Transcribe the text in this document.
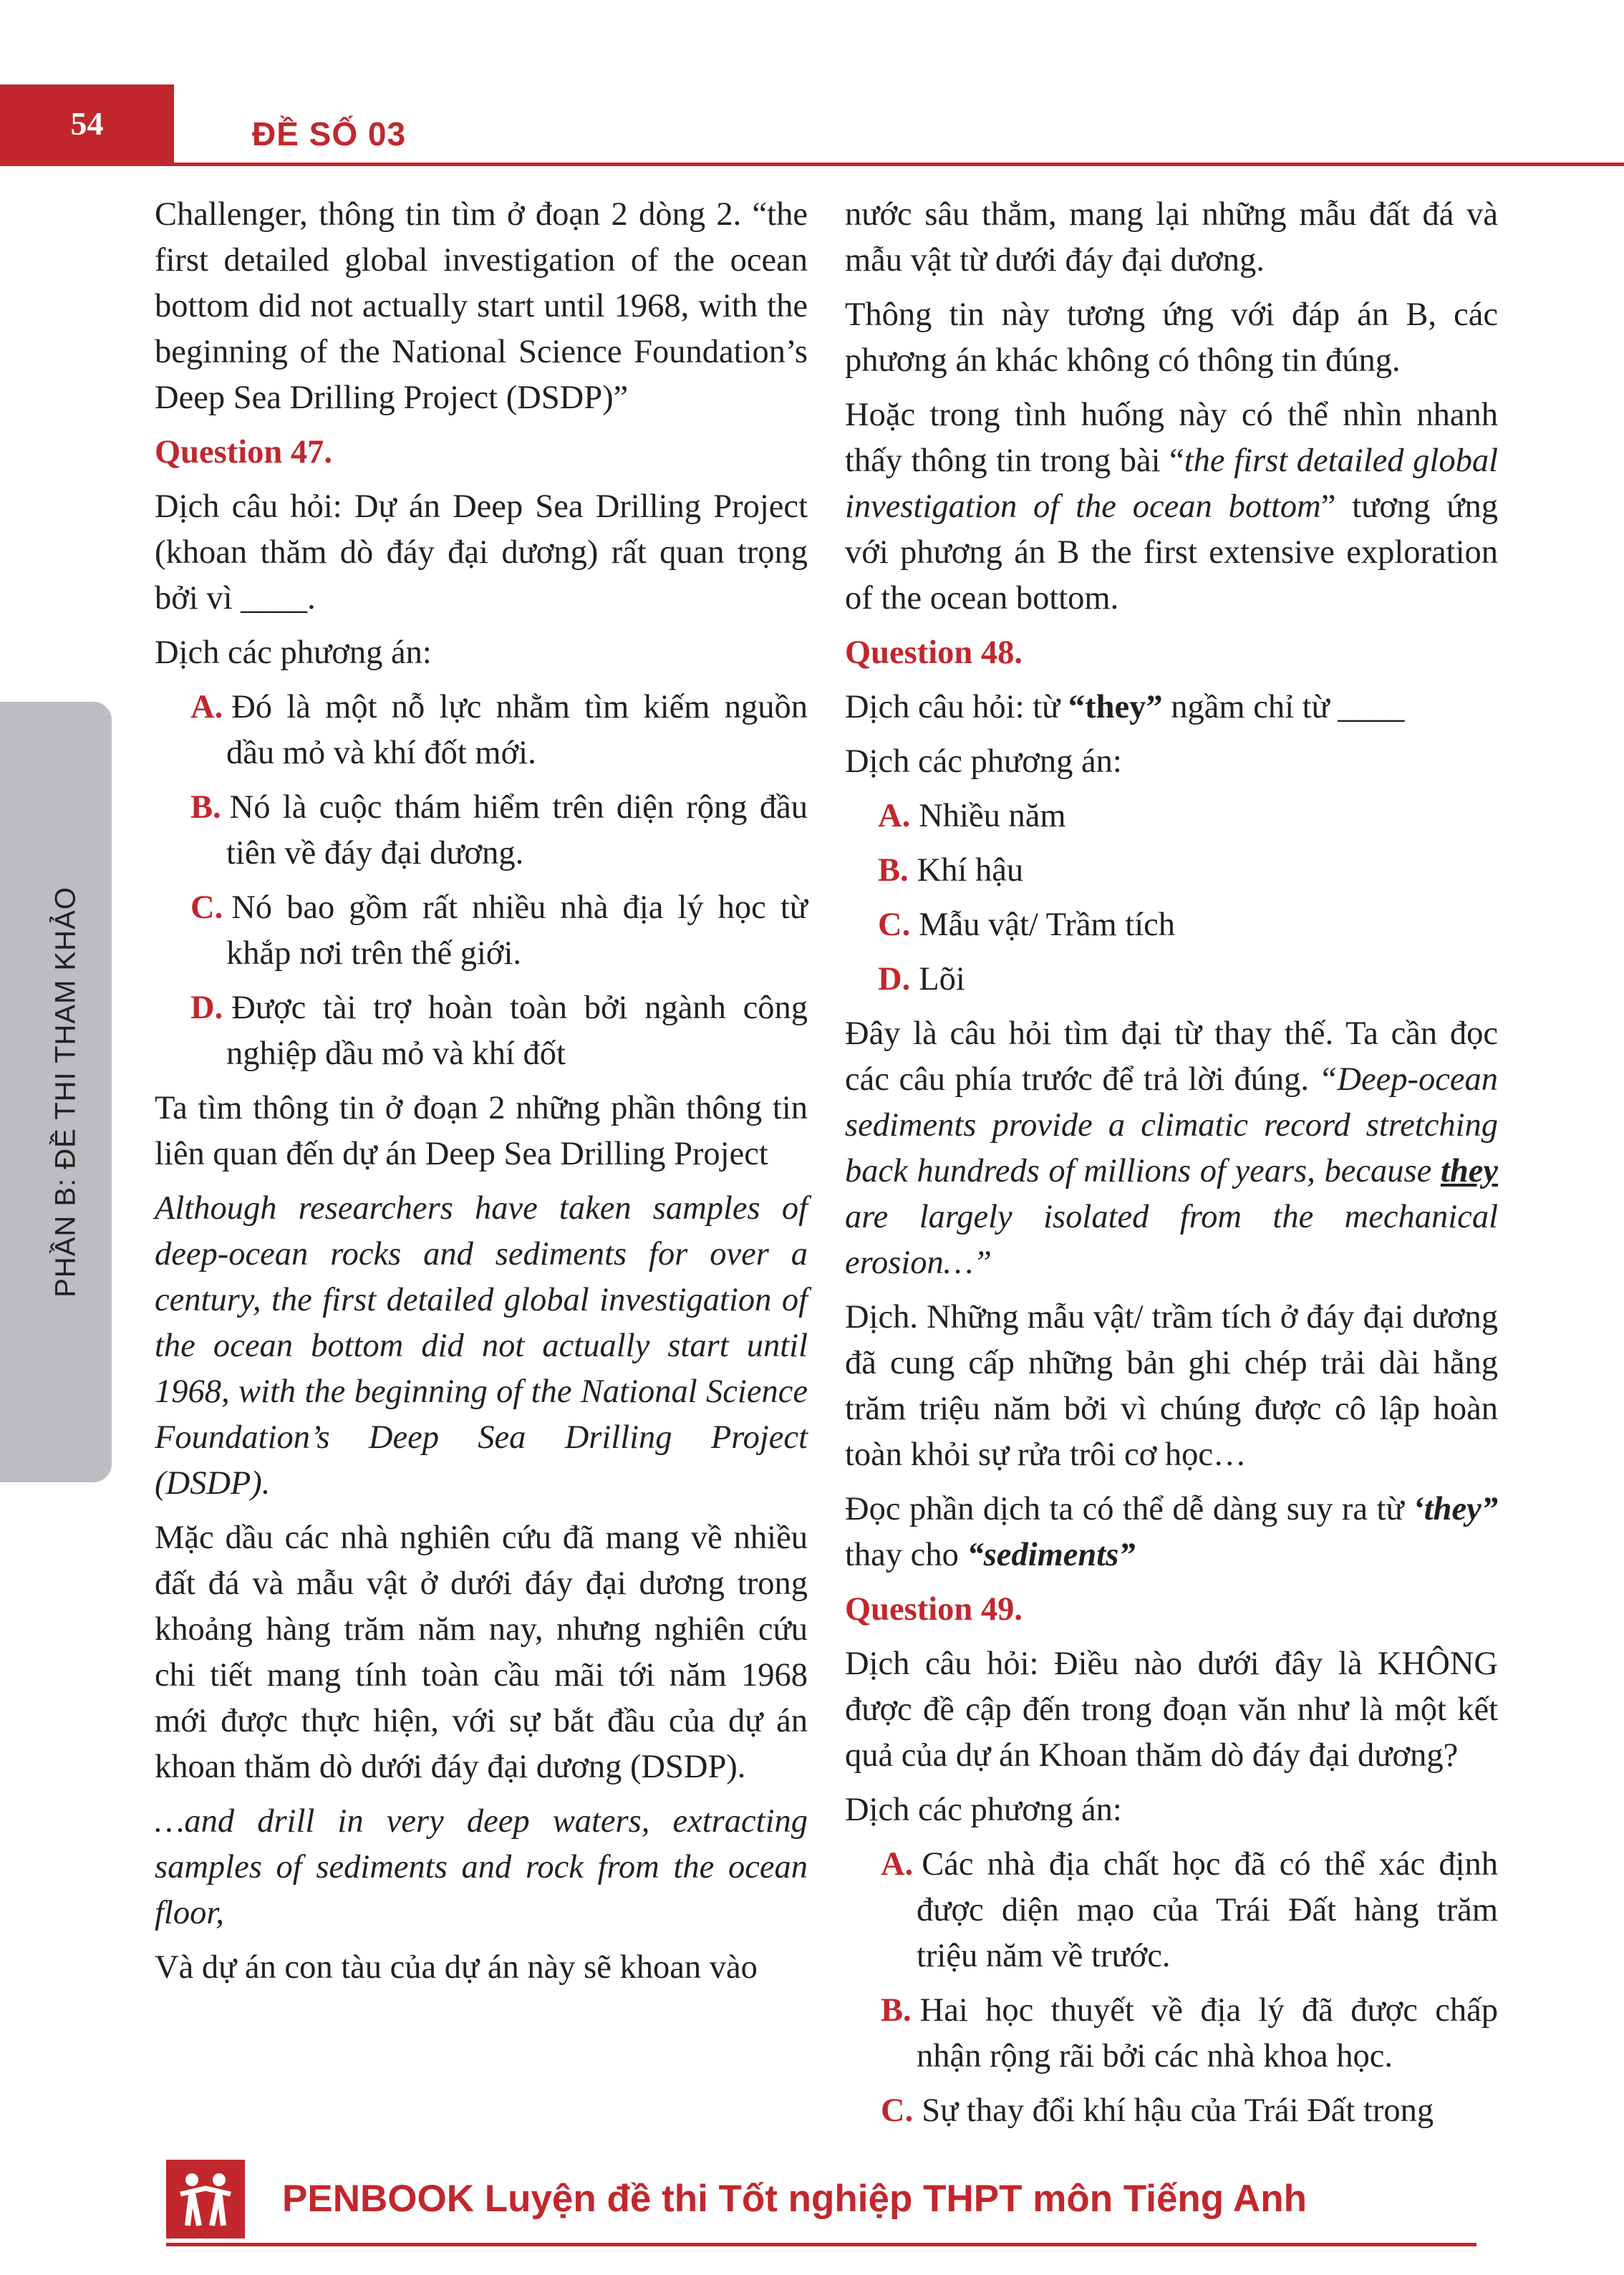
54	ĐỀ SỐ 03
PHẦN B: ĐỀ THI THAM KHẢO

Challenger, thông tin tìm ở đoạn 2 dòng 2. “the first detailed global investigation of the ocean bottom did not actually start until 1968, with the beginning of the National Science Foundation’s Deep Sea Drilling Project (DSDP)”

Question 47.

Dịch câu hỏi: Dự án Deep Sea Drilling Project (khoan thăm dò đáy đại dương) rất quan trọng bởi vì ____.

Dịch các phương án:

A. Đó là một nỗ lực nhằm tìm kiếm nguồn dầu mỏ và khí đốt mới.
B. Nó là cuộc thám hiểm trên diện rộng đầu tiên về đáy đại dương.
C. Nó bao gồm rất nhiều nhà địa lý học từ khắp nơi trên thế giới.
D. Được tài trợ hoàn toàn bởi ngành công nghiệp dầu mỏ và khí đốt

Ta tìm thông tin ở đoạn 2 những phần thông tin liên quan đến dự án Deep Sea Drilling Project

Although researchers have taken samples of deep-ocean rocks and sediments for over a century, the first detailed global investigation of the ocean bottom did not actually start until 1968, with the beginning of the National Science Foundation’s Deep Sea Drilling Project (DSDP).

Mặc dầu các nhà nghiên cứu đã mang về nhiều đất đá và mẫu vật ở dưới đáy đại dương trong khoảng hàng trăm năm nay, nhưng nghiên cứu chi tiết mang tính toàn cầu mãi tới năm 1968 mới được thực hiện, với sự bắt đầu của dự án khoan thăm dò dưới đáy đại dương (DSDP).

…and drill in very deep waters, extracting samples of sediments and rock from the ocean floor,

Và dự án con tàu của dự án này sẽ khoan vào

nước sâu thẳm, mang lại những mẫu đất đá và mẫu vật từ dưới đáy đại dương.

Thông tin này tương ứng với đáp án B, các phương án khác không có thông tin đúng.

Hoặc trong tình huống này có thể nhìn nhanh thấy thông tin trong bài “the first detailed global investigation of the ocean bottom” tương ứng với phương án B the first extensive exploration of the ocean bottom.

Question 48.

Dịch câu hỏi: từ “they” ngầm chỉ từ ____

Dịch các phương án:

A. Nhiều năm
B. Khí hậu
C. Mẫu vật/ Trầm tích
D. Lõi

Đây là câu hỏi tìm đại từ thay thế. Ta cần đọc các câu phía trước để trả lời đúng. “Deep-ocean sediments provide a climatic record stretching back hundreds of millions of years, because they are largely isolated from the mechanical erosion…”

Dịch. Những mẫu vật/ trầm tích ở đáy đại dương đã cung cấp những bản ghi chép trải dài hằng trăm triệu năm bởi vì chúng được cô lập hoàn toàn khỏi sự rửa trôi cơ học…

Đọc phần dịch ta có thể dễ dàng suy ra từ ‘they” thay cho “sediments”

Question 49.

Dịch câu hỏi: Điều nào dưới đây là KHÔNG được đề cập đến trong đoạn văn như là một kết quả của dự án Khoan thăm dò đáy đại dương?

Dịch các phương án:

A. Các nhà địa chất học đã có thể xác định được diện mạo của Trái Đất hàng trăm triệu năm về trước.
B. Hai học thuyết về địa lý đã được chấp nhận rộng rãi bởi các nhà khoa học.
C. Sự thay đổi khí hậu của Trái Đất trong
PENBOOK Luyện đề thi Tốt nghiệp THPT môn Tiếng Anh
